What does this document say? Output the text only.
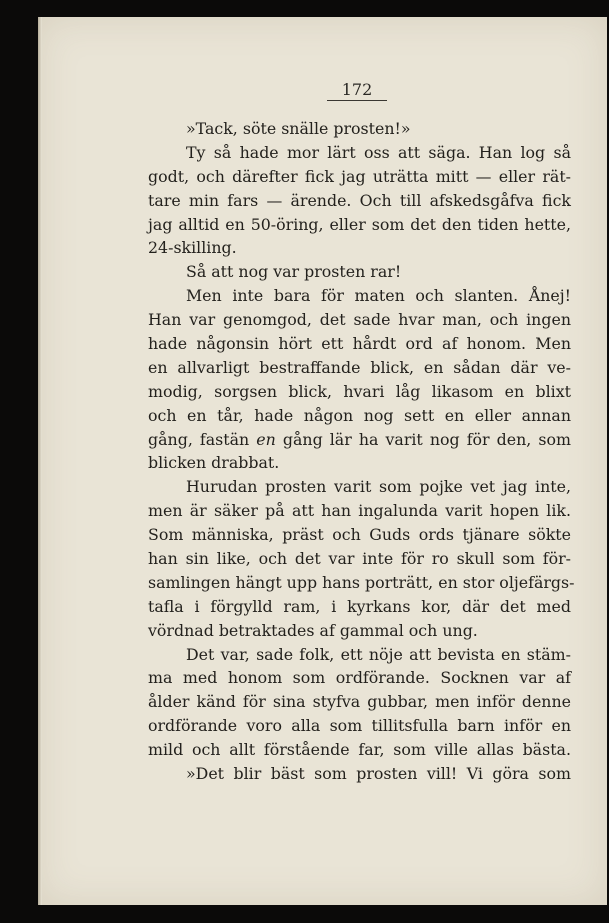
172
»Tack, söte snälle prosten!»
Ty så hade mor lärt oss att säga. Han log så
godt, och därefter fick jag uträtta mitt — eller rät-
tare min fars — ärende. Och till afskedsgåfva fick
jag alltid en 50-öring, eller som det den tiden hette,
24-skilling.
Så att nog var prosten rar!
Men inte bara för maten och slanten. Ånej!
Han var genomgod, det sade hvar man, och ingen
hade någonsin hört ett hårdt ord af honom. Men
en allvarligt bestraffande blick, en sådan där ve-
modig, sorgsen blick, hvari låg likasom en blixt
och en tår, hade någon nog sett en eller annan
gång, fastän en gång lär ha varit nog för den, som
blicken drabbat.
Hurudan prosten varit som pojke vet jag inte,
men är säker på att han ingalunda varit hopen lik.
Som människa, präst och Guds ords tjänare sökte
han sin like, och det var inte för ro skull som för-
samlingen hängt upp hans porträtt, en stor oljefärgs-
tafla i förgylld ram, i kyrkans kor, där det med
vördnad betraktades af gammal och ung.
Det var, sade folk, ett nöje att bevista en stäm-
ma med honom som ordförande. Socknen var af
ålder känd för sina styfva gubbar, men inför denne
ordförande voro alla som tillitsfulla barn inför en
mild och allt förstående far, som ville allas bästa.
»Det blir bäst som prosten vill! Vi göra som
